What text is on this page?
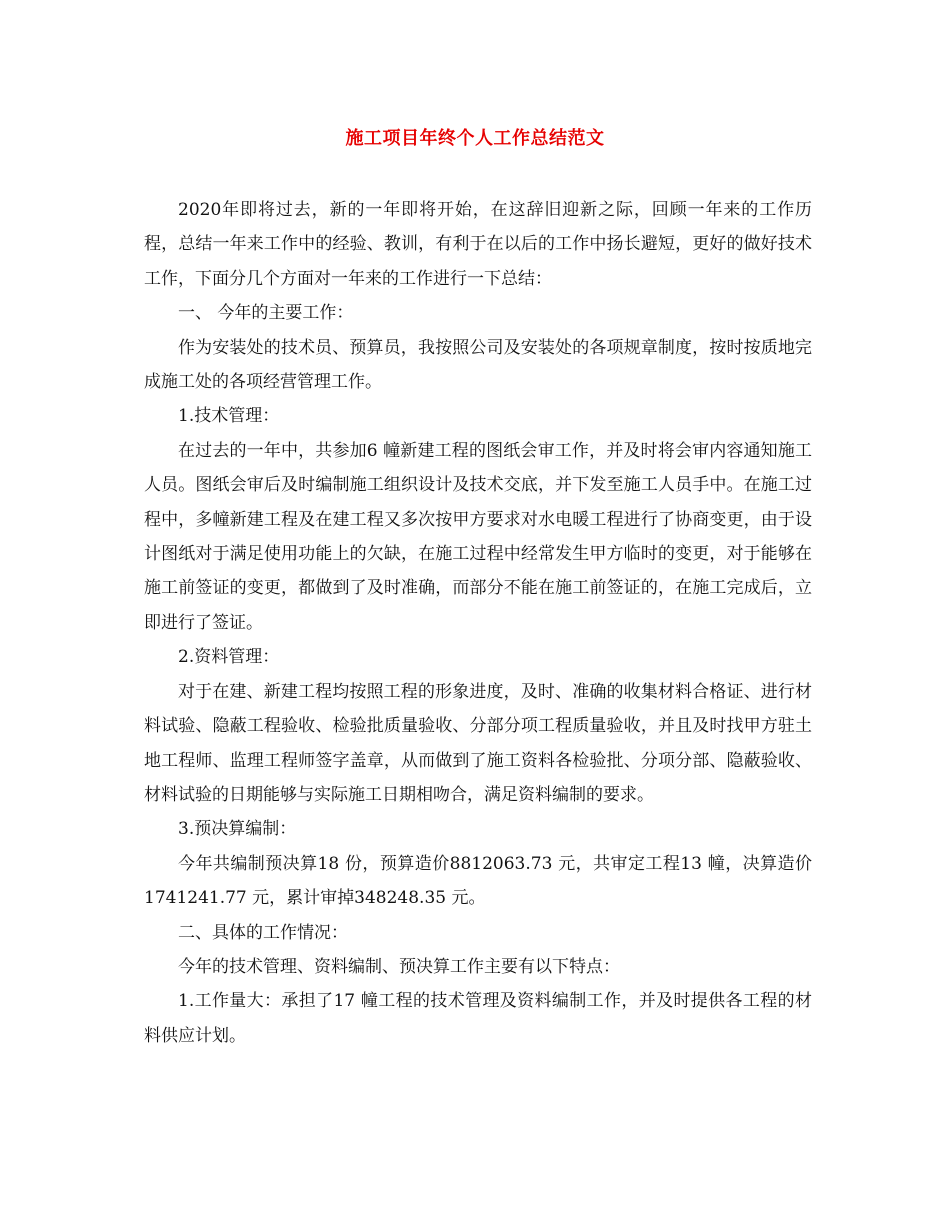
施工项目年终个人工作总结范文

2020年即将过去，新的一年即将开始，在这辞旧迎新之际，回顾一年来的工作历程，总结一年来工作中的经验、教训，有利于在以后的工作中扬长避短，更好的做好技术工作，下面分几个方面对一年来的工作进行一下总结：

一、 今年的主要工作：

作为安装处的技术员、预算员，我按照公司及安装处的各项规章制度，按时按质地完成施工处的各项经营管理工作。

1.技术管理：

在过去的一年中，共参加6 幢新建工程的图纸会审工作，并及时将会审内容通知施工人员。图纸会审后及时编制施工组织设计及技术交底，并下发至施工人员手中。在施工过程中，多幢新建工程及在建工程又多次按甲方要求对水电暖工程进行了协商变更，由于设计图纸对于满足使用功能上的欠缺，在施工过程中经常发生甲方临时的变更，对于能够在施工前签证的变更，都做到了及时准确，而部分不能在施工前签证的，在施工完成后，立即进行了签证。

2.资料管理：

对于在建、新建工程均按照工程的形象进度，及时、准确的收集材料合格证、进行材料试验、隐蔽工程验收、检验批质量验收、分部分项工程质量验收，并且及时找甲方驻土地工程师、监理工程师签字盖章，从而做到了施工资料各检验批、分项分部、隐蔽验收、材料试验的日期能够与实际施工日期相吻合，满足资料编制的要求。

3.预决算编制：

今年共编制预决算18 份，预算造价8812063.73 元，共审定工程13 幢，决算造价1741241.77 元，累计审掉348248.35 元。

二、具体的工作情况：

今年的技术管理、资料编制、预决算工作主要有以下特点：

1.工作量大：承担了17 幢工程的技术管理及资料编制工作，并及时提供各工程的材料供应计划。
